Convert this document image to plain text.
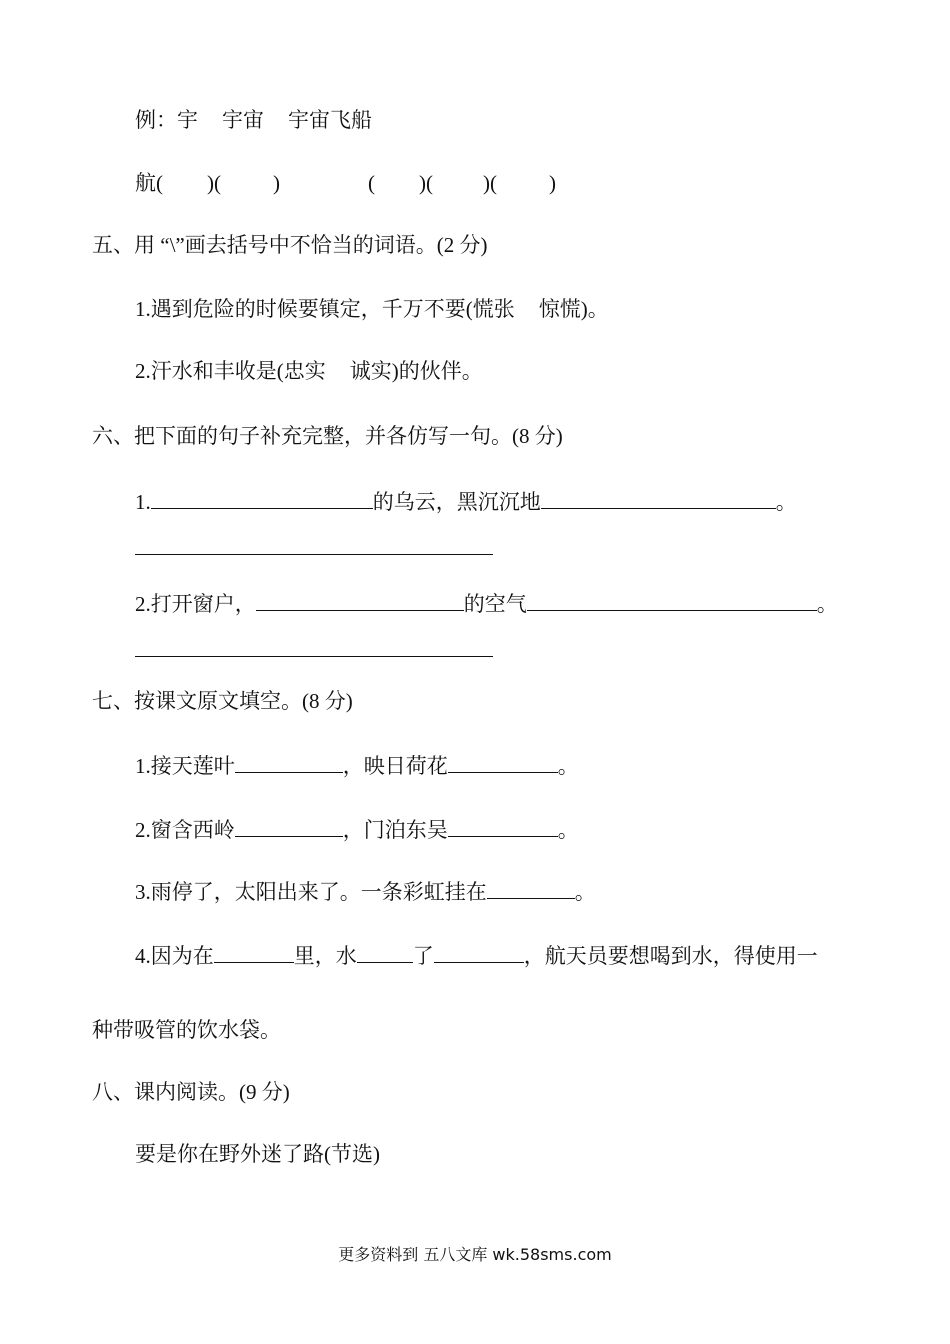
例：宇 宇宙 宇宙飞船
航( )( )	( )( )( )
五、用 “\”画去括号中不恰当的词语。(2 分)
1.遇到危险的时候要镇定，千万不要(慌张 惊慌)。
2.汗水和丰收是(忠实 诚实)的伙伴。
六、把下面的句子补充完整，并各仿写一句。(8 分)
1.	的乌云，黑沉沉地	。
2.打开窗户，	的空气	。
七、按课文原文填空。(8 分)
1.接天莲叶	，映日荷花	。
2.窗含西岭	，门泊东吴	。
3.雨停了，太阳出来了。一条彩虹挂在	。
4.因为在	里，水	了	，航天员要想喝到水，得使用一
种带吸管的饮水袋。
八、课内阅读。(9 分)
要是你在野外迷了路(节选)
更多资料到 五八文库 wk.58sms.com
